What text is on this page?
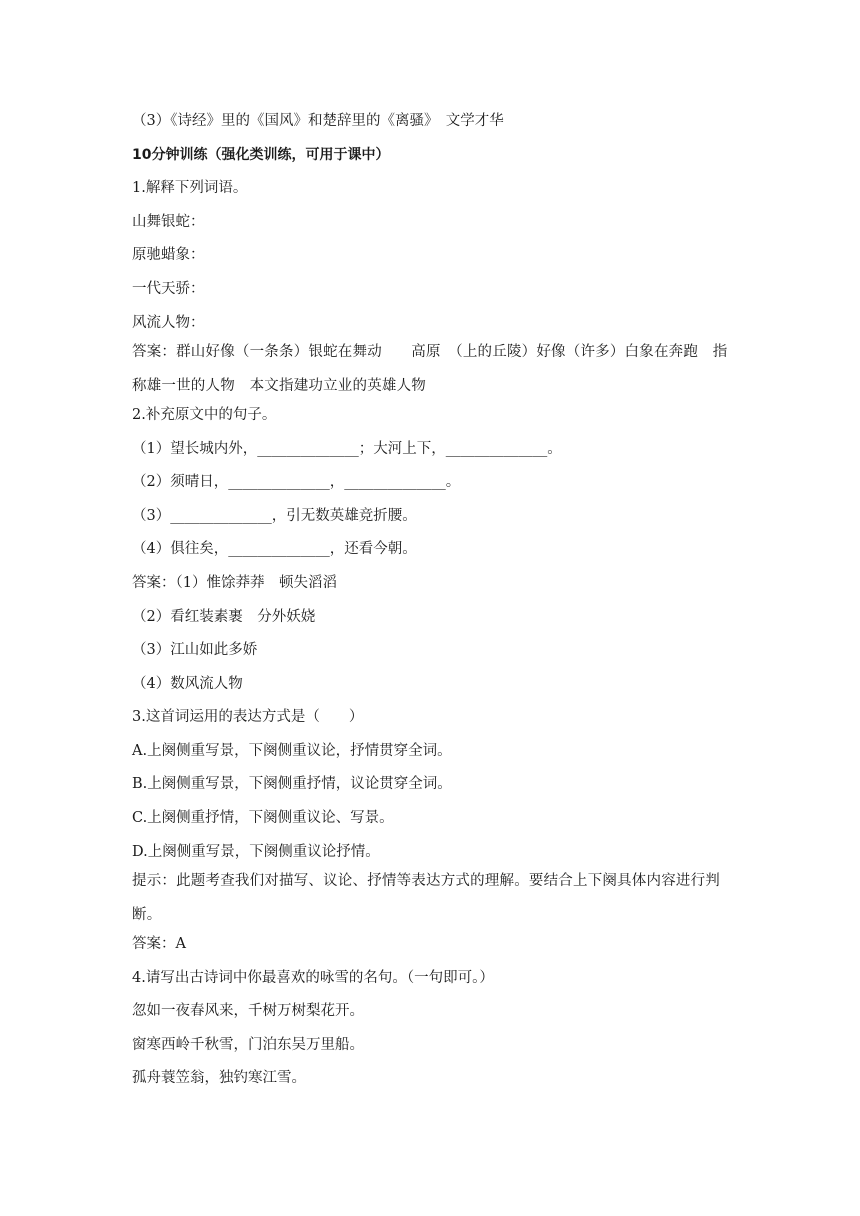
（3）《诗经》里的《国风》和楚辞里的《离骚》　文学才华
10分钟训练（强化类训练，可用于课中）
1.解释下列词语。
山舞银蛇：
原驰蜡象：
一代天骄：
风流人物：
答案：群山好像（一条条）银蛇在舞动　　高原　（上的丘陵）好像（许多）白象在奔跑　指称雄一世的人物　本文指建功立业的英雄人物
2.补充原文中的句子。
（1）望长城内外，______________；大河上下，______________。
（2）须晴日，______________，______________。
（3）______________，引无数英雄竞折腰。
（4）俱往矣，______________，还看今朝。
答案：（1）惟馀莽莽　顿失滔滔
（2）看红装素裹　分外妖娆
（3）江山如此多娇
（4）数风流人物
3.这首词运用的表达方式是（　　）
A.上阕侧重写景，下阕侧重议论，抒情贯穿全词。
B.上阕侧重写景，下阕侧重抒情，议论贯穿全词。
C.上阕侧重抒情，下阕侧重议论、写景。
D.上阕侧重写景，下阕侧重议论抒情。
提示：此题考查我们对描写、议论、抒情等表达方式的理解。要结合上下阕具体内容进行判断。
答案：A
4.请写出古诗词中你最喜欢的咏雪的名句。（一句即可。）
忽如一夜春风来，千树万树梨花开。
窗寒西岭千秋雪，门泊东吴万里船。
孤舟蓑笠翁，独钓寒江雪。
